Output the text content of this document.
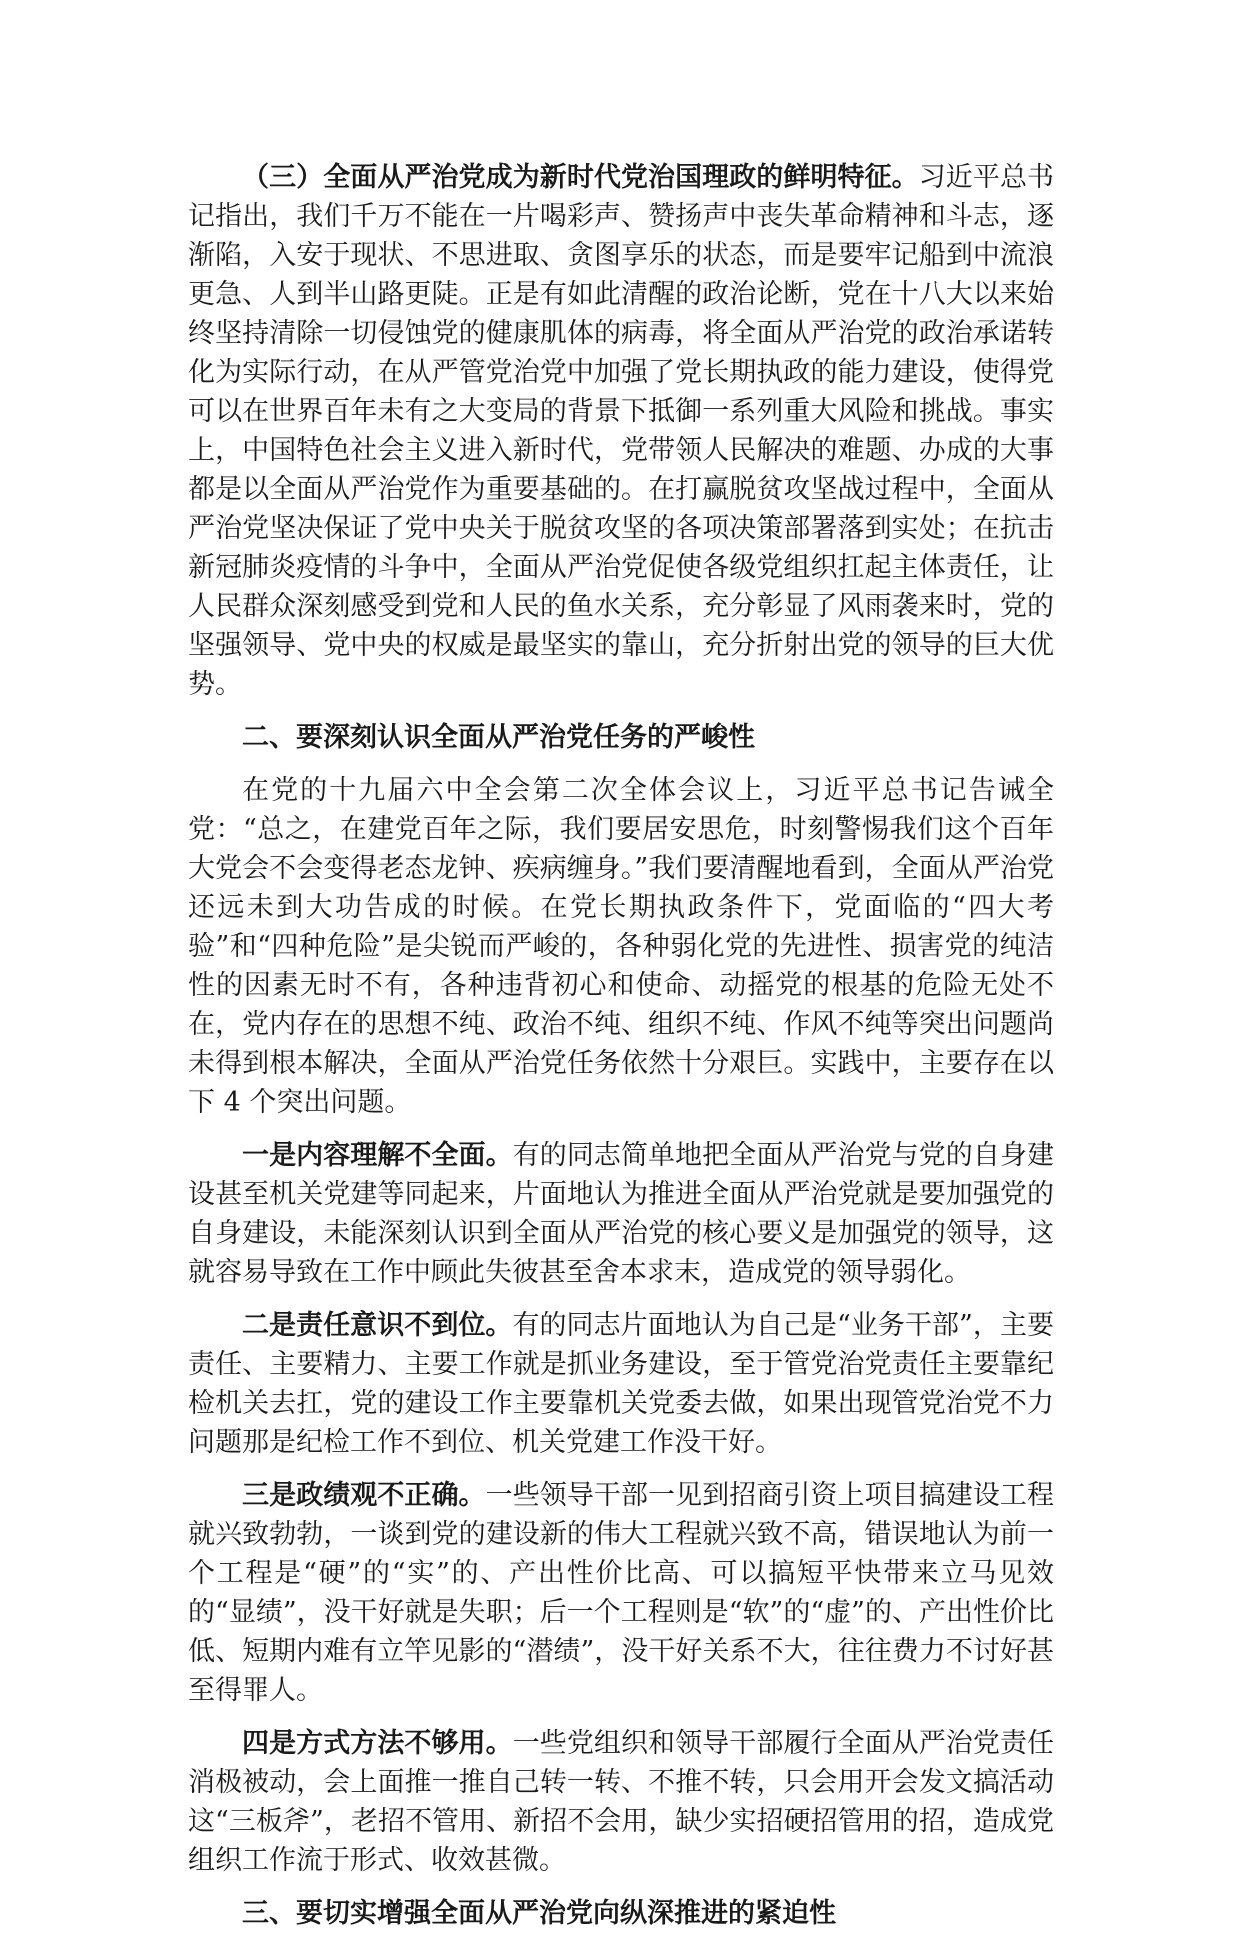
（三）全面从严治党成为新时代党治国理政的鲜明特征。习近平总书记指出，我们千万不能在一片喝彩声、赞扬声中丧失革命精神和斗志，逐渐陷，入安于现状、不思进取、贪图享乐的状态，而是要牢记船到中流浪更急、人到半山路更陡。正是有如此清醒的政治论断，党在十八大以来始终坚持清除一切侵蚀党的健康肌体的病毒，将全面从严治党的政治承诺转化为实际行动，在从严管党治党中加强了党长期执政的能力建设，使得党可以在世界百年未有之大变局的背景下抵御一系列重大风险和挑战。事实上，中国特色社会主义进入新时代，党带领人民解决的难题、办成的大事都是以全面从严治党作为重要基础的。在打赢脱贫攻坚战过程中，全面从严治党坚决保证了党中央关于脱贫攻坚的各项决策部署落到实处；在抗击新冠肺炎疫情的斗争中，全面从严治党促使各级党组织扛起主体责任，让人民群众深刻感受到党和人民的鱼水关系，充分彰显了风雨袭来时，党的坚强领导、党中央的权威是最坚实的靠山，充分折射出党的领导的巨大优势。

二、要深刻认识全面从严治党任务的严峻性

在党的十九届六中全会第二次全体会议上，习近平总书记告诫全党：“总之，在建党百年之际，我们要居安思危，时刻警惕我们这个百年大党会不会变得老态龙钟、疾病缠身。”我们要清醒地看到，全面从严治党还远未到大功告成的时候。在党长期执政条件下，党面临的“四大考验”和“四种危险”是尖锐而严峻的，各种弱化党的先进性、损害党的纯洁性的因素无时不有，各种违背初心和使命、动摇党的根基的危险无处不在，党内存在的思想不纯、政治不纯、组织不纯、作风不纯等突出问题尚未得到根本解决，全面从严治党任务依然十分艰巨。实践中，主要存在以下 4 个突出问题。

一是内容理解不全面。有的同志简单地把全面从严治党与党的自身建设甚至机关党建等同起来，片面地认为推进全面从严治党就是要加强党的自身建设，未能深刻认识到全面从严治党的核心要义是加强党的领导，这就容易导致在工作中顾此失彼甚至舍本求末，造成党的领导弱化。

二是责任意识不到位。有的同志片面地认为自己是“业务干部”，主要责任、主要精力、主要工作就是抓业务建设，至于管党治党责任主要靠纪检机关去扛，党的建设工作主要靠机关党委去做，如果出现管党治党不力问题那是纪检工作不到位、机关党建工作没干好。

三是政绩观不正确。一些领导干部一见到招商引资上项目搞建设工程就兴致勃勃，一谈到党的建设新的伟大工程就兴致不高，错误地认为前一个工程是“硬”的“实”的、产出性价比高、可以搞短平快带来立马见效的“显绩”，没干好就是失职；后一个工程则是“软”的“虚”的、产出性价比低、短期内难有立竿见影的“潜绩”，没干好关系不大，往往费力不讨好甚至得罪人。

四是方式方法不够用。一些党组织和领导干部履行全面从严治党责任消极被动，会上面推一推自己转一转、不推不转，只会用开会发文搞活动这“三板斧”，老招不管用、新招不会用，缺少实招硬招管用的招，造成党组织工作流于形式、收效甚微。

三、要切实增强全面从严治党向纵深推进的紧迫性
